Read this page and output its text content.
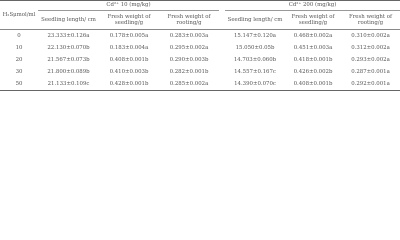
H₂Sμmol/ml	Cd²⁺ 10 (mg/kg)				Cd²⁺ 200 (mg/kg)		
	Seedling length/ cm	Fresh weight of seedling/g	Fresh weight of rooting/g		Seedling length/ cm	Fresh weight of seedling/g	Fresh weight of rooting/g
0	23.333±0.126a	0.178±0.005a	0.283±0.003a		15.147±0.120a	0.468±0.002a	0.310±0.002a
10	22.130±0.070b	0.183±0.004a	0.295±0.002a		15.050±0.05b	0.451±0.003a	0.312±0.002a
20	21.567±0.073b	0.408±0.001b	0.290±0.003b		14.703±0.060b	0.418±0.001b	0.293±0.002a
30	21.800±0.089b	0.410±0.003b	0.282±0.001b		14.557±0.167c	0.426±0.002b	0.287±0.001a
50	21.133±0.109c	0.428±0.001b	0.285±0.002a		14.390±0.070c	0.408±0.001b	0.292±0.001a
